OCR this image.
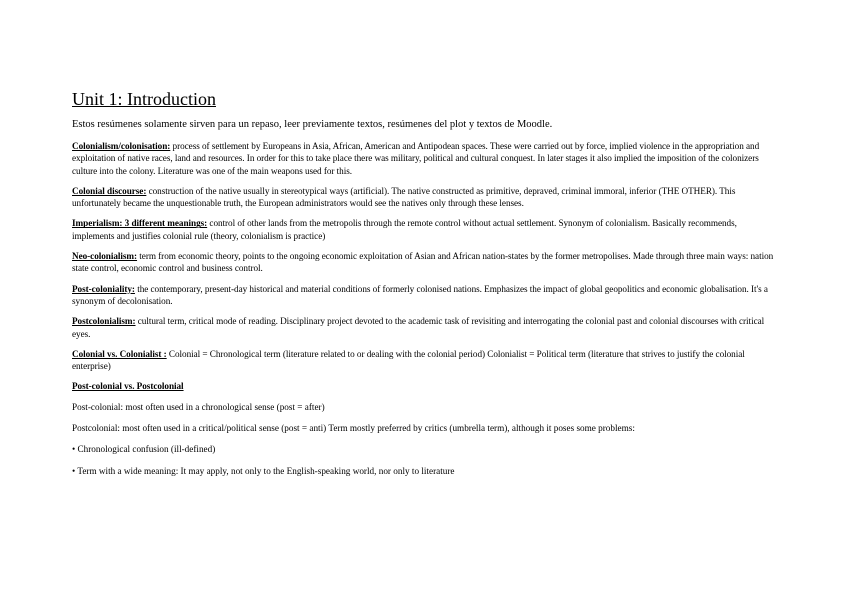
Unit 1: Introduction

Estos resúmenes solamente sirven para un repaso, leer previamente textos, resúmenes del plot y textos de Moodle.

Colonialism/colonisation: process of settlement by Europeans in Asia, African, American and Antipodean spaces. These were carried out by force, implied violence in the appropriation and exploitation of native races, land and resources. In order for this to take place there was military, political and cultural conquest. In later stages it also implied the imposition of the colonizers culture into the colony. Literature was one of the main weapons used for this.

Colonial discourse: construction of the native usually in stereotypical ways (artificial). The native constructed as primitive, depraved, criminal immoral, inferior (THE OTHER). This unfortunately became the unquestionable truth, the European administrators would see the natives only through these lenses.

Imperialism: 3 different meanings: control of other lands from the metropolis through the remote control without actual settlement. Synonym of colonialism. Basically recommends, implements and justifies colonial rule (theory, colonialism is practice)

Neo-colonialism: term from economic theory, points to the ongoing economic exploitation of Asian and African nation-states by the former metropolises. Made through three main ways: nation state control, economic control and business control.

Post-coloniality: the contemporary, present-day historical and material conditions of formerly colonised nations. Emphasizes the impact of global geopolitics and economic globalisation. It's a synonym of decolonisation.

Postcolonialism: cultural term, critical mode of reading. Disciplinary project devoted to the academic task of revisiting and interrogating the colonial past and colonial discourses with critical eyes.

Colonial vs. Colonialist : Colonial = Chronological term (literature related to or dealing with the colonial period) Colonialist = Political term (literature that strives to justify the colonial enterprise)

Post-colonial vs. Postcolonial

Post-colonial: most often used in a chronological sense (post = after)

Postcolonial: most often used in a critical/political sense (post = anti) Term mostly preferred by critics (umbrella term), although it poses some problems:

• Chronological confusion (ill-defined)

• Term with a wide meaning: It may apply, not only to the English-speaking world, nor only to literature
